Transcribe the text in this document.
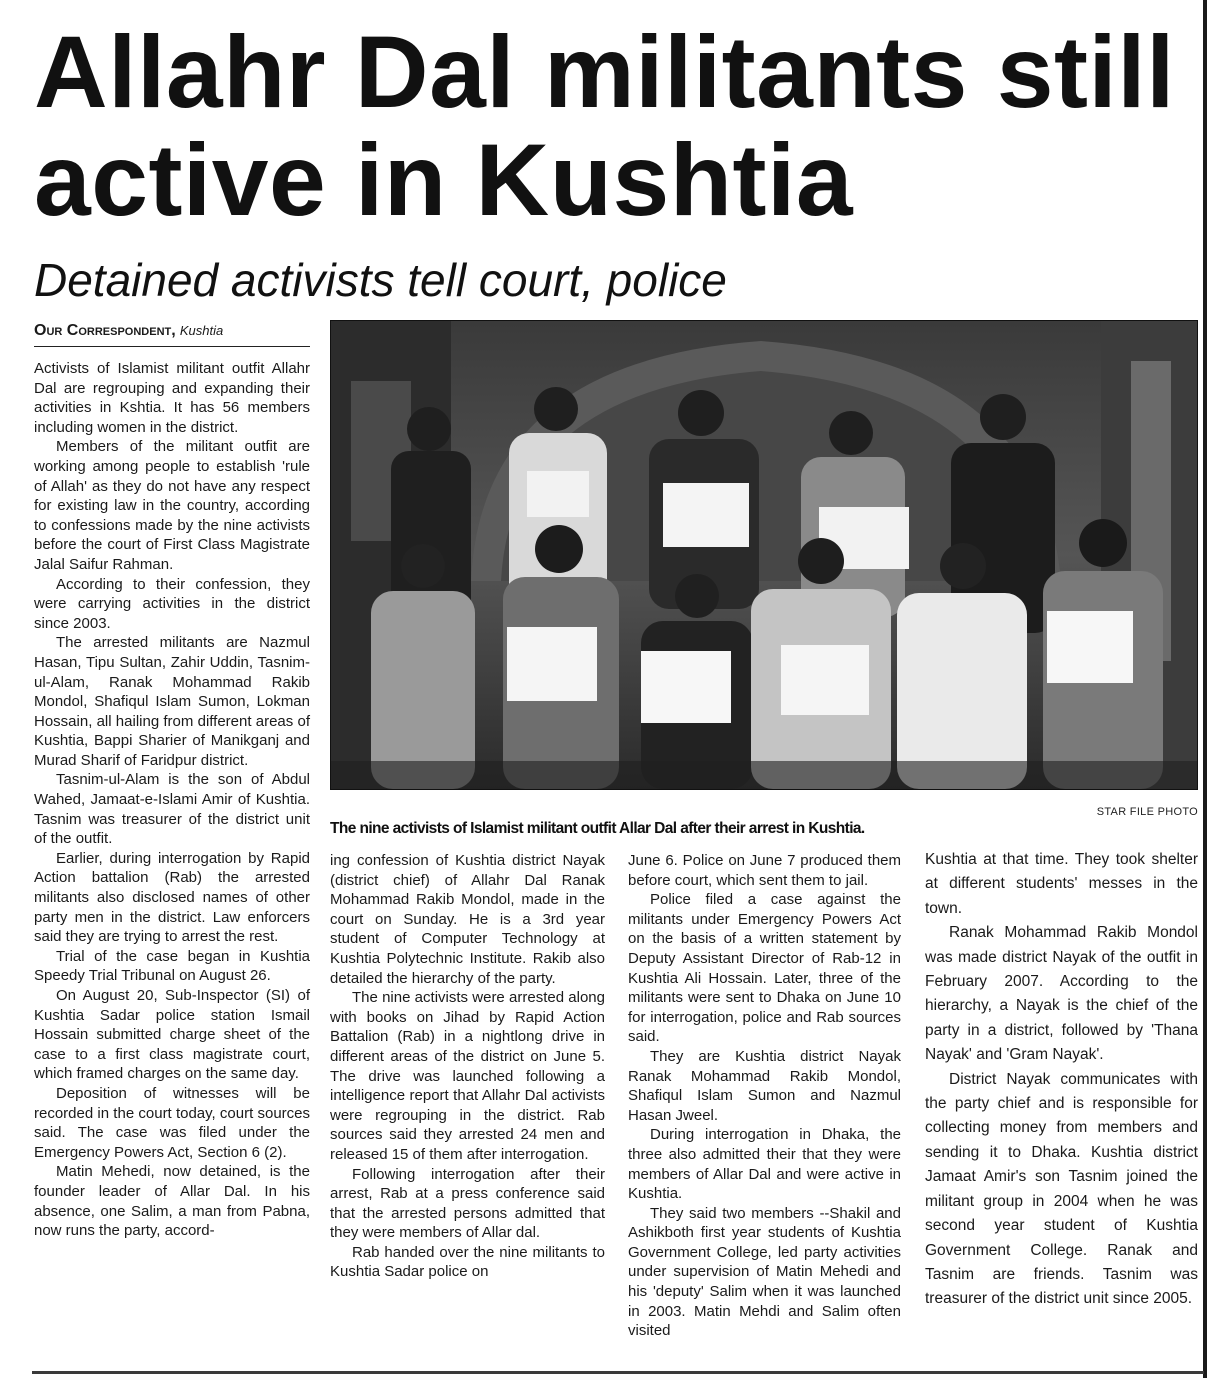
Allahr Dal militants still active in Kushtia
Detained activists tell court, police
Our Correspondent, Kushtia

Activists of Islamist militant outfit Allahr Dal are regrouping and expanding their activities in Kshtia. It has 56 members including women in the district.

Members of the militant outfit are working among people to establish 'rule of Allah' as they do not have any respect for existing law in the country, according to confessions made by the nine activists before the court of First Class Magistrate Jalal Saifur Rahman.

According to their confession, they were carrying activities in the district since 2003.

The arrested militants are Nazmul Hasan, Tipu Sultan, Zahir Uddin, Tasnim-ul-Alam, Ranak Mohammad Rakib Mondol, Shafiqul Islam Sumon, Lokman Hossain, all hailing from different areas of Kushtia, Bappi Sharier of Manikganj and Murad Sharif of Faridpur district.

Tasnim-ul-Alam is the son of Abdul Wahed, Jamaat-e-Islami Amir of Kushtia. Tasnim was treasurer of the district unit of the outfit.

Earlier, during interrogation by Rapid Action battalion (Rab) the arrested militants also disclosed names of other party men in the district. Law enforcers said they are trying to arrest the rest.

Trial of the case began in Kushtia Speedy Trial Tribunal on August 26.

On August 20, Sub-Inspector (SI) of Kushtia Sadar police station Ismail Hossain submitted charge sheet of the case to a first class magistrate court, which framed charges on the same day.

Deposition of witnesses will be recorded in the court today, court sources said. The case was filed under the Emergency Powers Act, Section 6 (2).

Matin Mehedi, now detained, is the founder leader of Allar Dal. In his absence, one Salim, a man from Pabna, now runs the party, accord-

STAR FILE PHOTO
The nine activists of Islamist militant outfit Allar Dal after their arrest in Kushtia.

ing confession of Kushtia district Nayak (district chief) of Allahr Dal Ranak Mohammad Rakib Mondol, made in the court on Sunday. He is a 3rd year student of Computer Technology at Kushtia Polytechnic Institute. Rakib also detailed the hierarchy of the party.

The nine activists were arrested along with books on Jihad by Rapid Action Battalion (Rab) in a nightlong drive in different areas of the district on June 5. The drive was launched following a intelligence report that Allahr Dal activists were regrouping in the district. Rab sources said they arrested 24 men and released 15 of them after interrogation.

Following interrogation after their arrest, Rab at a press conference said that the arrested persons admitted that they were members of Allar dal.

Rab handed over the nine militants to Kushtia Sadar police on

June 6. Police on June 7 produced them before court, which sent them to jail.

Police filed a case against the militants under Emergency Powers Act on the basis of a written statement by Deputy Assistant Director of Rab-12 in Kushtia Ali Hossain. Later, three of the militants were sent to Dhaka on June 10 for interrogation, police and Rab sources said.

They are Kushtia district Nayak Ranak Mohammad Rakib Mondol, Shafiqul Islam Sumon and Nazmul Hasan Jweel.

During interrogation in Dhaka, the three also admitted their that they were members of Allar Dal and were active in Kushtia.

They said two members --Shakil and Ashikboth first year students of Kushtia Government College, led party activities under supervision of Matin Mehedi and his 'deputy' Salim when it was launched in 2003. Matin Mehdi and Salim often visited

Kushtia at that time. They took shelter at different students' messes in the town.

Ranak Mohammad Rakib Mondol was made district Nayak of the outfit in February 2007. According to the hierarchy, a Nayak is the chief of the party in a district, followed by 'Thana Nayak' and 'Gram Nayak'.

District Nayak communicates with the party chief and is responsible for collecting money from members and sending it to Dhaka. Kushtia district Jamaat Amir's son Tasnim joined the militant group in 2004 when he was second year student of Kushtia Government College. Ranak and Tasnim are friends. Tasnim was treasurer of the district unit since 2005.
